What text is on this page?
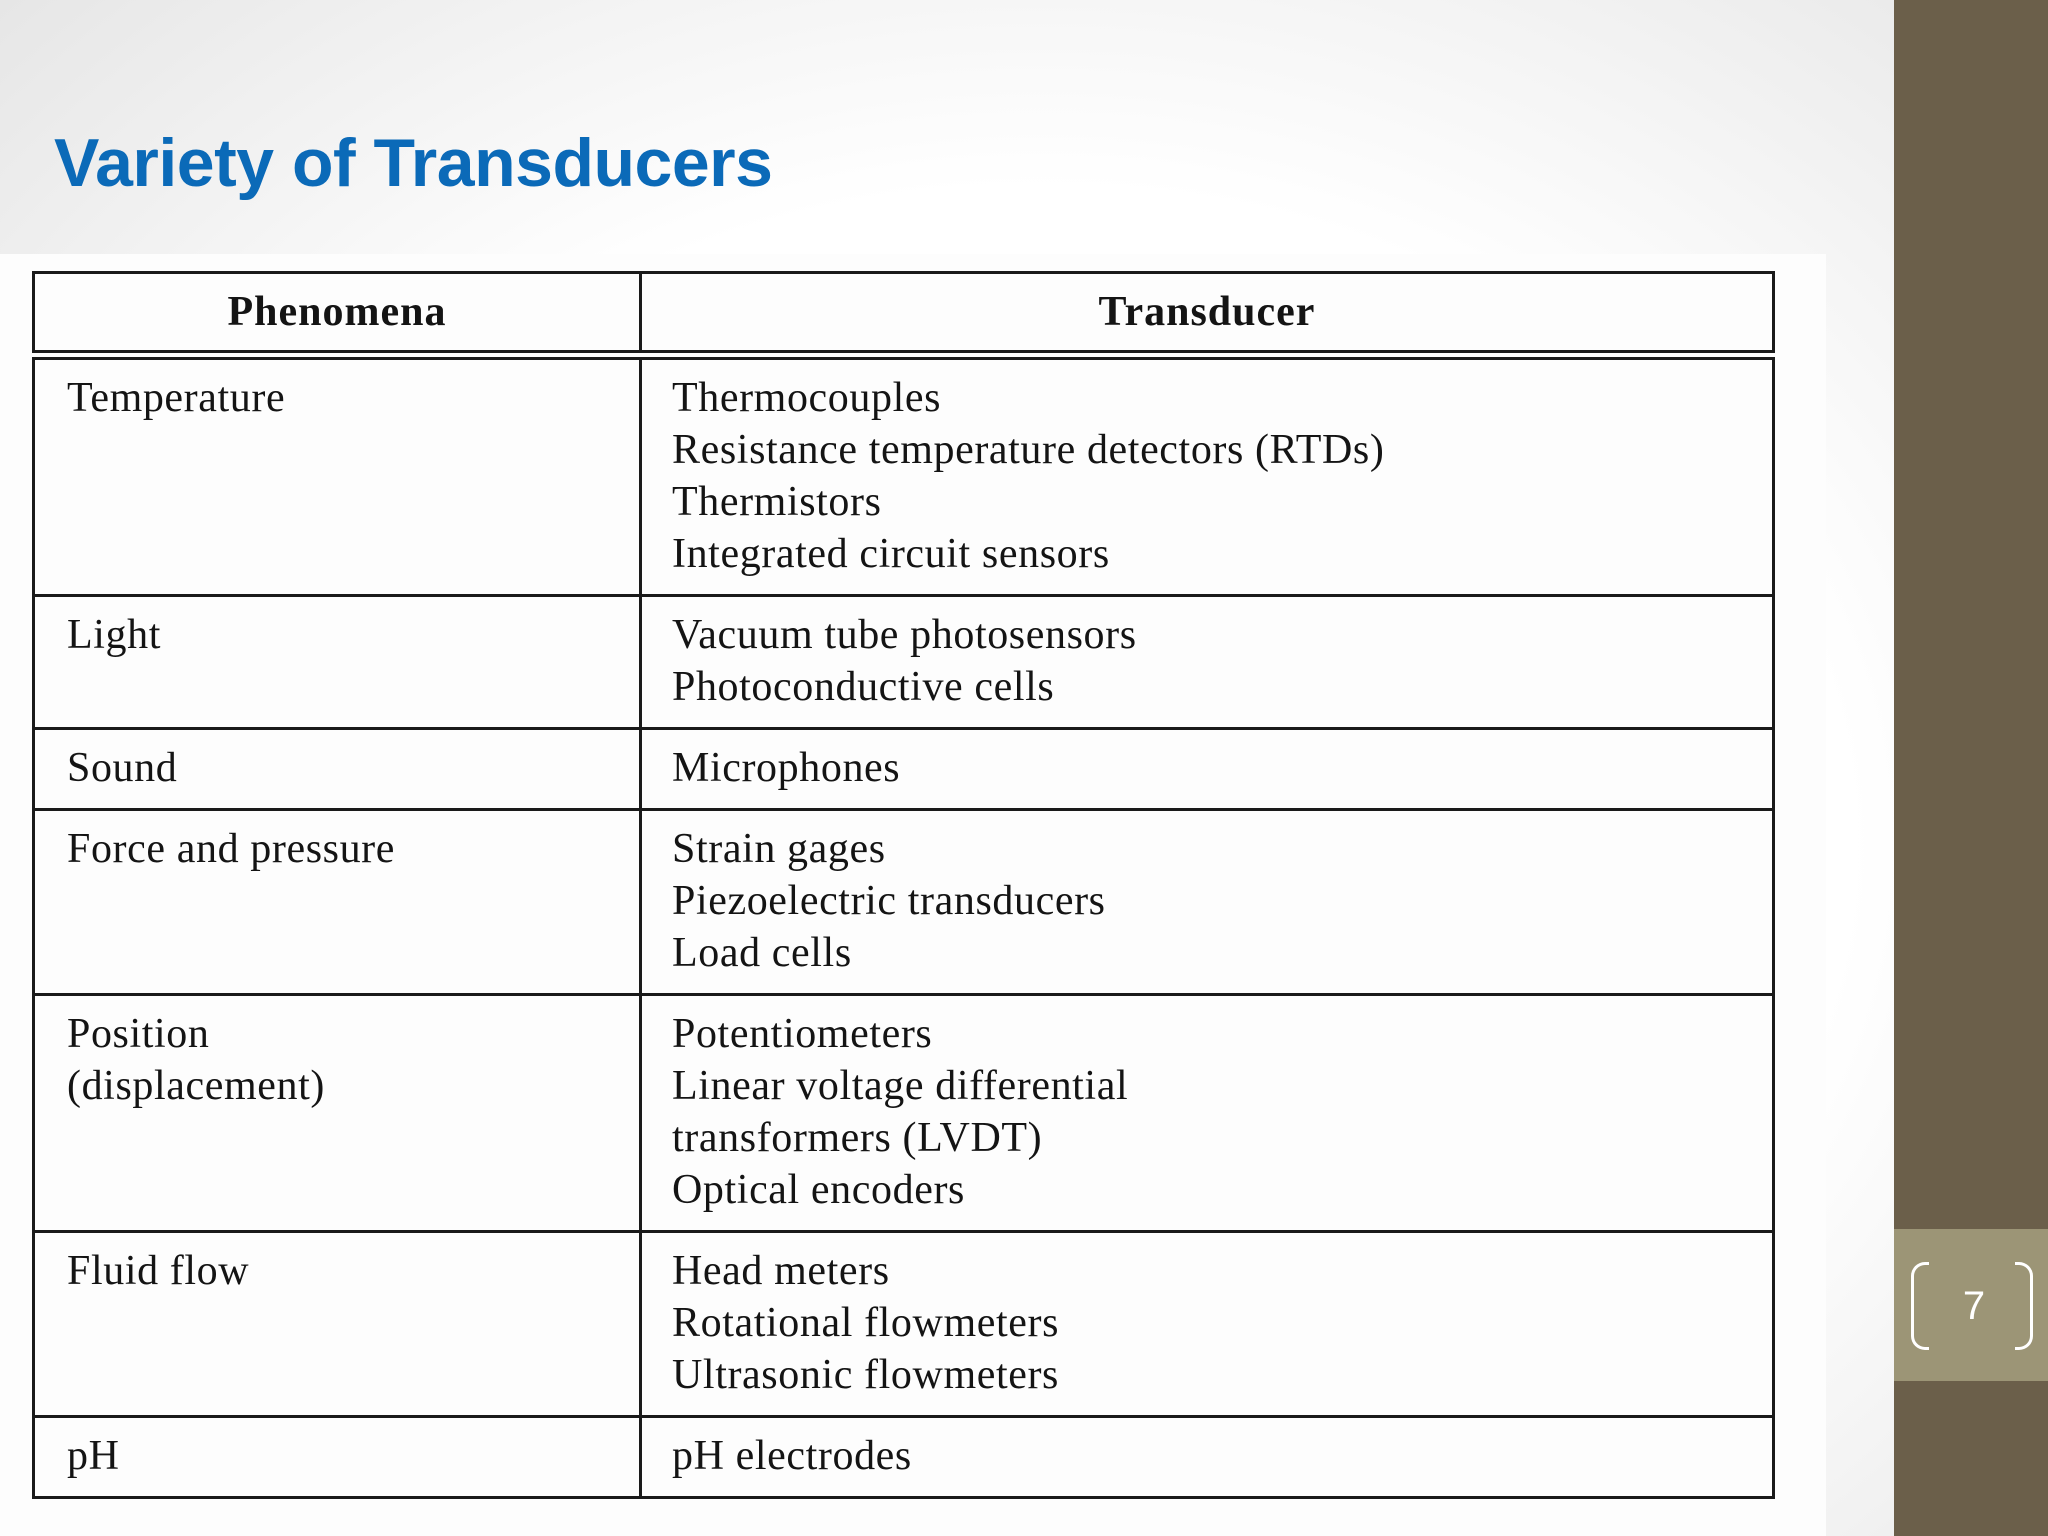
7
Variety of Transducers
Phenomena	Transducer

Temperature	Thermocouples
Resistance temperature detectors (RTDs)
Thermistors
Integrated circuit sensors

Light	Vacuum tube photosensors
Photoconductive cells

Sound	Microphones

Force and pressure	Strain gages
Piezoelectric transducers
Load cells

Position
(displacement)	Potentiometers
Linear voltage differential
transformers (LVDT)
Optical encoders

Fluid flow	Head meters
Rotational flowmeters
Ultrasonic flowmeters

pH	pH electrodes
